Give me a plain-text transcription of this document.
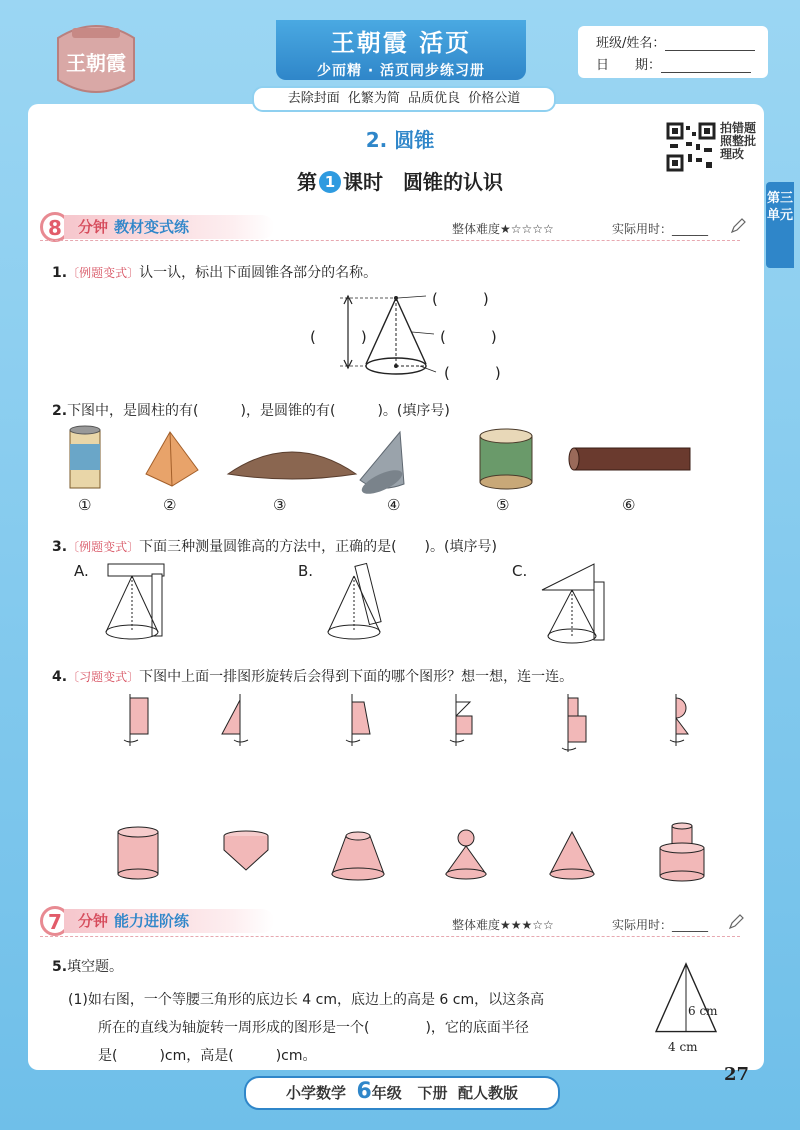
王朝霞
王朝霞 活页
少而精 · 活页同步练习册
去除封面 化繁为简 品质优良 价格公道
班级/姓名：
日　　期：
2. 圆锥
第 1 课时　圆锥的认识
拍错题照整批理改
第三单元
8	分钟 教材变式练	整体难度★☆☆☆☆	实际用时：______
1.〔例题变式〕认一认，标出下面圆锥各部分的名称。
(　　　)
(　　　)	(　　　)
(　　　)
2.下图中，是圆柱的有(　　　)，是圆锥的有(　　　)。(填序号)
①	②	③	④	⑤	⑥
3.〔例题变式〕下面三种测量圆锥高的方法中，正确的是(　　)。(填序号)
A.	B.	C.
4.〔习题变式〕下图中上面一排图形旋转后会得到下面的哪个图形？想一想，连一连。
7	分钟 能力进阶练	整体难度★★★☆☆	实际用时：______
5.填空题。
(1)如右图，一个等腰三角形的底边长 4 cm，底边上的高是 6 cm，以这条高
所在的直线为轴旋转一周形成的图形是一个(　　　　)，它的底面半径
是(　　　)cm，高是(　　　)cm。
6 cm
4 cm
小学数学 6年级 下册 配人教版
27
